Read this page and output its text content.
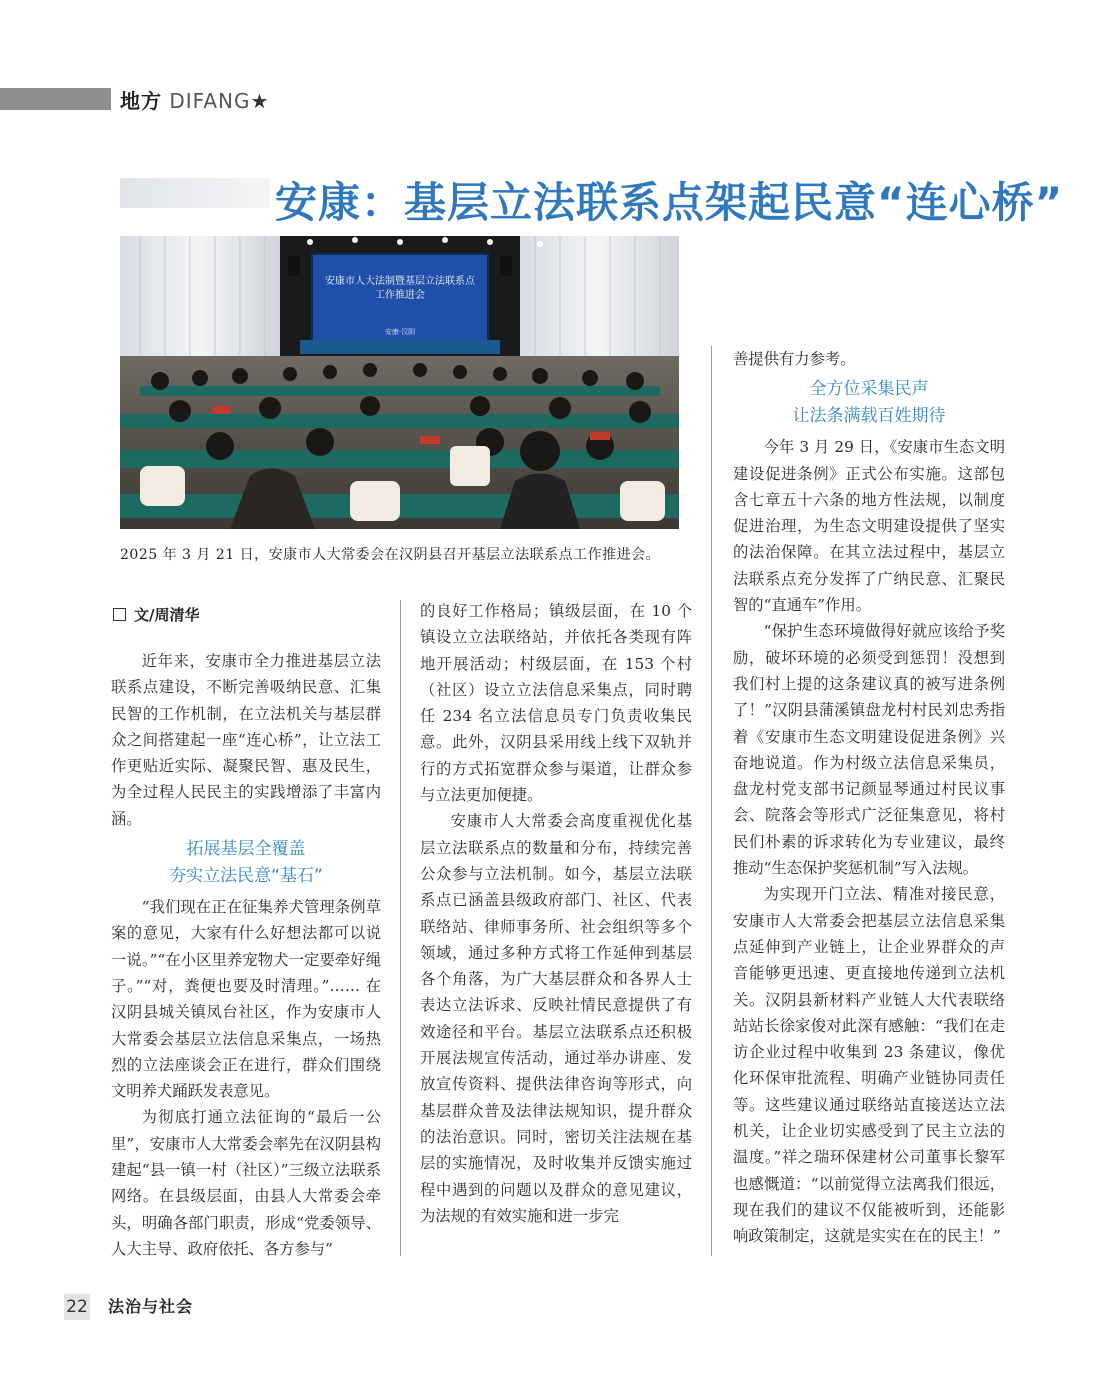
地方 DIFANG★
安康：基层立法联系点架起民意“连心桥”
安康市人大法制暨基层立法联系点
工作推进会
安康·汉阴
2025 年 3 月 21 日，安康市人大常委会在汉阴县召开基层立法联系点工作推进会。
文/周清华

近年来，安康市全力推进基层立法联系点建设，不断完善吸纳民意、汇集民智的工作机制，在立法机关与基层群众之间搭建起一座“连心桥”，让立法工作更贴近实际、凝聚民智、惠及民生，为全过程人民民主的实践增添了丰富内涵。

拓展基层全覆盖
夯实立法民意“基石”

“我们现在正在征集养犬管理条例草案的意见，大家有什么好想法都可以说一说。”“在小区里养宠物犬一定要牵好绳子。”“对，粪便也要及时清理。”…… 在汉阴县城关镇凤台社区，作为安康市人大常委会基层立法信息采集点，一场热烈的立法座谈会正在进行，群众们围绕文明养犬踊跃发表意见。

为彻底打通立法征询的“最后一公里”，安康市人大常委会率先在汉阴县构建起“县一镇一村（社区）”三级立法联系网络。在县级层面，由县人大常委会牵头，明确各部门职责，形成“党委领导、人大主导、政府依托、各方参与”

的良好工作格局；镇级层面，在 10 个镇设立立法联络站，并依托各类现有阵地开展活动；村级层面，在 153 个村（社区）设立立法信息采集点，同时聘任 234 名立法信息员专门负责收集民意。此外，汉阴县采用线上线下双轨并行的方式拓宽群众参与渠道，让群众参与立法更加便捷。

安康市人大常委会高度重视优化基层立法联系点的数量和分布，持续完善公众参与立法机制。如今，基层立法联系点已涵盖县级政府部门、社区、代表联络站、律师事务所、社会组织等多个领域，通过多种方式将工作延伸到基层各个角落，为广大基层群众和各界人士表达立法诉求、反映社情民意提供了有效途径和平台。基层立法联系点还积极开展法规宣传活动，通过举办讲座、发放宣传资料、提供法律咨询等形式，向基层群众普及法律法规知识，提升群众的法治意识。同时，密切关注法规在基层的实施情况，及时收集并反馈实施过程中遇到的问题以及群众的意见建议，为法规的有效实施和进一步完

善提供有力参考。

全方位采集民声
让法条满载百姓期待

今年 3 月 29 日，《安康市生态文明建设促进条例》正式公布实施。这部包含七章五十六条的地方性法规，以制度促进治理，为生态文明建设提供了坚实的法治保障。在其立法过程中，基层立法联系点充分发挥了广纳民意、汇聚民智的“直通车”作用。

“保护生态环境做得好就应该给予奖励，破坏环境的必须受到惩罚！没想到我们村上提的这条建议真的被写进条例了！”汉阴县蒲溪镇盘龙村村民刘忠秀指着《安康市生态文明建设促进条例》兴奋地说道。作为村级立法信息采集员，盘龙村党支部书记颜显琴通过村民议事会、院落会等形式广泛征集意见，将村民们朴素的诉求转化为专业建议，最终推动“生态保护奖惩机制”写入法规。

为实现开门立法、精准对接民意，安康市人大常委会把基层立法信息采集点延伸到产业链上，让企业界群众的声音能够更迅速、更直接地传递到立法机关。汉阴县新材料产业链人大代表联络站站长徐家俊对此深有感触：“我们在走访企业过程中收集到 23 条建议，像优化环保审批流程、明确产业链协同责任等。这些建议通过联络站直接送达立法机关，让企业切实感受到了民主立法的温度。”祥之瑞环保建材公司董事长黎军也感慨道：“以前觉得立法离我们很远，现在我们的建议不仅能被听到，还能影响政策制定，这就是实实在在的民主！”

22 法治与社会
